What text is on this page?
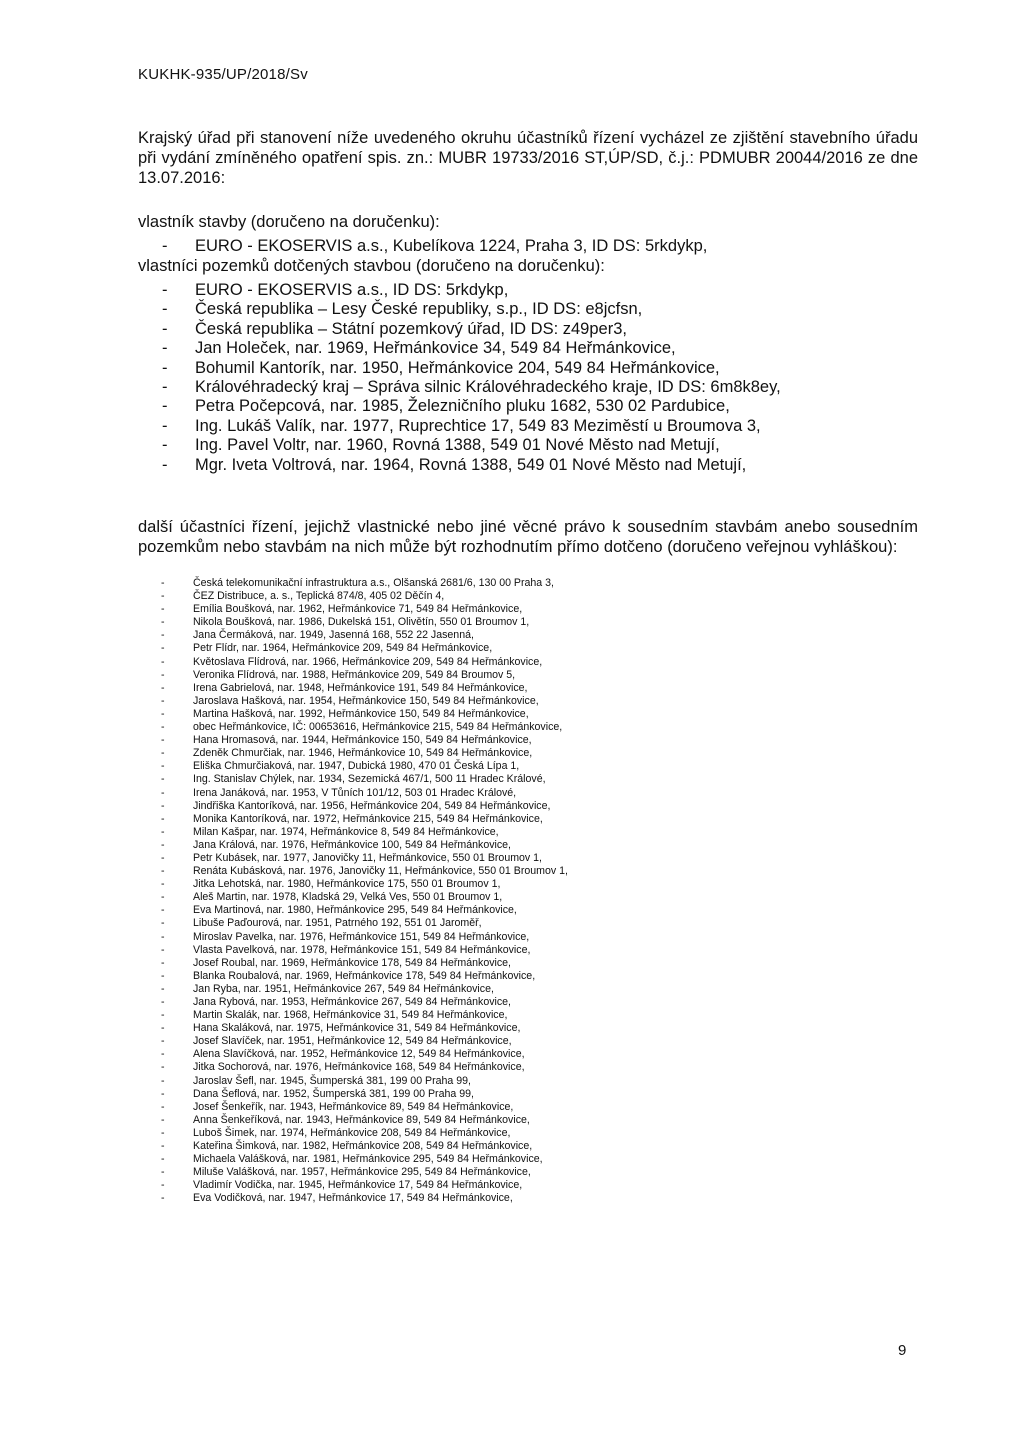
KUKHK-935/UP/2018/Sv
Krajský úřad při stanovení níže uvedeného okruhu účastníků řízení vycházel ze zjištění stavebního úřadu při vydání zmíněného opatření spis. zn.: MUBR 19733/2016 ST,ÚP/SD, č.j.: PDMUBR 20044/2016 ze dne 13.07.2016:
vlastník stavby (doručeno na doručenku):
- EURO - EKOSERVIS a.s., Kubelíkova 1224, Praha 3, ID DS: 5rkdykp,
vlastníci pozemků dotčených stavbou (doručeno na doručenku):
- EURO - EKOSERVIS a.s., ID DS: 5rkdykp,
- Česká republika – Lesy České republiky, s.p., ID DS: e8jcfsn,
- Česká republika – Státní pozemkový úřad, ID DS: z49per3,
- Jan Holeček, nar. 1969, Heřmánkovice 34, 549 84 Heřmánkovice,
- Bohumil Kantorík, nar. 1950, Heřmánkovice 204, 549 84 Heřmánkovice,
- Královéhradecký kraj – Správa silnic Královéhradeckého kraje, ID DS: 6m8k8ey,
- Petra Počepcová, nar. 1985, Železničního pluku 1682, 530 02 Pardubice,
- Ing. Lukáš Valík, nar. 1977, Ruprechtice 17, 549 83 Meziměstí u Broumova 3,
- Ing. Pavel Voltr, nar. 1960, Rovná 1388, 549 01 Nové Město nad Metují,
- Mgr. Iveta Voltrová, nar. 1964, Rovná 1388, 549 01 Nové Město nad Metují,
další účastníci řízení, jejichž vlastnické nebo jiné věcné právo k sousedním stavbám anebo sousedním pozemkům nebo stavbám na nich může být rozhodnutím přímo dotčeno (doručeno veřejnou vyhláškou):
- Česká telekomunikační infrastruktura a.s., Olšanská 2681/6, 130 00 Praha 3,
- ČEZ Distribuce, a. s., Teplická 874/8, 405 02 Děčín 4,
- Emília Boušková, nar. 1962, Heřmánkovice 71, 549 84 Heřmánkovice,
- Nikola Boušková, nar. 1986, Dukelská 151, Olivětín, 550 01 Broumov 1,
- Jana Čermáková, nar. 1949, Jasenná 168, 552 22 Jasenná,
- Petr Flídr, nar. 1964, Heřmánkovice 209, 549 84 Heřmánkovice,
- Květoslava Flídrová, nar. 1966, Heřmánkovice 209, 549 84 Heřmánkovice,
- Veronika Flídrová, nar. 1988, Heřmánkovice 209, 549 84 Broumov 5,
- Irena Gabrielová, nar. 1948, Heřmánkovice 191, 549 84 Heřmánkovice,
- Jaroslava Hašková, nar. 1954, Heřmánkovice 150, 549 84 Heřmánkovice,
- Martina Hašková, nar. 1992, Heřmánkovice 150, 549 84 Heřmánkovice,
- obec Heřmánkovice, IČ: 00653616, Heřmánkovice 215, 549 84 Heřmánkovice,
- Hana Hromasová, nar. 1944, Heřmánkovice 150, 549 84 Heřmánkovice,
- Zdeněk Chmurčiak, nar. 1946, Heřmánkovice 10, 549 84 Heřmánkovice,
- Eliška Chmurčiaková, nar. 1947, Dubická 1980, 470 01 Česká Lípa 1,
- Ing. Stanislav Chýlek, nar. 1934, Sezemická 467/1, 500 11 Hradec Králové,
- Irena Janáková, nar. 1953, V Tůních 101/12, 503 01 Hradec Králové,
- Jindřiška Kantoríková, nar. 1956, Heřmánkovice 204, 549 84 Heřmánkovice,
- Monika Kantoríková, nar. 1972, Heřmánkovice 215, 549 84 Heřmánkovice,
- Milan Kašpar, nar. 1974, Heřmánkovice 8, 549 84 Heřmánkovice,
- Jana Králová, nar. 1976, Heřmánkovice 100, 549 84 Heřmánkovice,
- Petr Kubásek, nar. 1977, Janovičky 11, Heřmánkovice, 550 01 Broumov 1,
- Renáta Kubásková, nar. 1976, Janovičky 11, Heřmánkovice, 550 01 Broumov 1,
- Jitka Lehotská, nar. 1980, Heřmánkovice 175, 550 01 Broumov 1,
- Aleš Martin, nar. 1978, Kladská 29, Velká Ves, 550 01 Broumov 1,
- Eva Martinová, nar. 1980, Heřmánkovice 295, 549 84 Heřmánkovice,
- Libuše Paďourová, nar. 1951, Patrného 192, 551 01 Jaroměř,
- Miroslav Pavelka, nar. 1976, Heřmánkovice 151, 549 84 Heřmánkovice,
- Vlasta Pavelková, nar. 1978, Heřmánkovice 151, 549 84 Heřmánkovice,
- Josef Roubal, nar. 1969, Heřmánkovice 178, 549 84 Heřmánkovice,
- Blanka Roubalová, nar. 1969, Heřmánkovice 178, 549 84 Heřmánkovice,
- Jan Ryba, nar. 1951, Heřmánkovice 267, 549 84 Heřmánkovice,
- Jana Rybová, nar. 1953, Heřmánkovice 267, 549 84 Heřmánkovice,
- Martin Skalák, nar. 1968, Heřmánkovice 31, 549 84 Heřmánkovice,
- Hana Skaláková, nar. 1975, Heřmánkovice 31, 549 84 Heřmánkovice,
- Josef Slavíček, nar. 1951, Heřmánkovice 12, 549 84 Heřmánkovice,
- Alena Slavíčková, nar. 1952, Heřmánkovice 12, 549 84 Heřmánkovice,
- Jitka Sochorová, nar. 1976, Heřmánkovice 168, 549 84 Heřmánkovice,
- Jaroslav Šefl, nar. 1945, Šumperská 381, 199 00 Praha 99,
- Dana Šeflová, nar. 1952, Šumperská 381, 199 00 Praha 99,
- Josef Šenkeřík, nar. 1943, Heřmánkovice 89, 549 84 Heřmánkovice,
- Anna Šenkeříková, nar. 1943, Heřmánkovice 89, 549 84 Heřmánkovice,
- Luboš Šimek, nar. 1974, Heřmánkovice 208, 549 84 Heřmánkovice,
- Kateřina Šimková, nar. 1982, Heřmánkovice 208, 549 84 Heřmánkovice,
- Michaela Valášková, nar. 1981, Heřmánkovice 295, 549 84 Heřmánkovice,
- Miluše Valášková, nar. 1957, Heřmánkovice 295, 549 84 Heřmánkovice,
- Vladimír Vodička, nar. 1945, Heřmánkovice 17, 549 84 Heřmánkovice,
- Eva Vodičková, nar. 1947, Heřmánkovice 17, 549 84 Heřmánkovice,
9
